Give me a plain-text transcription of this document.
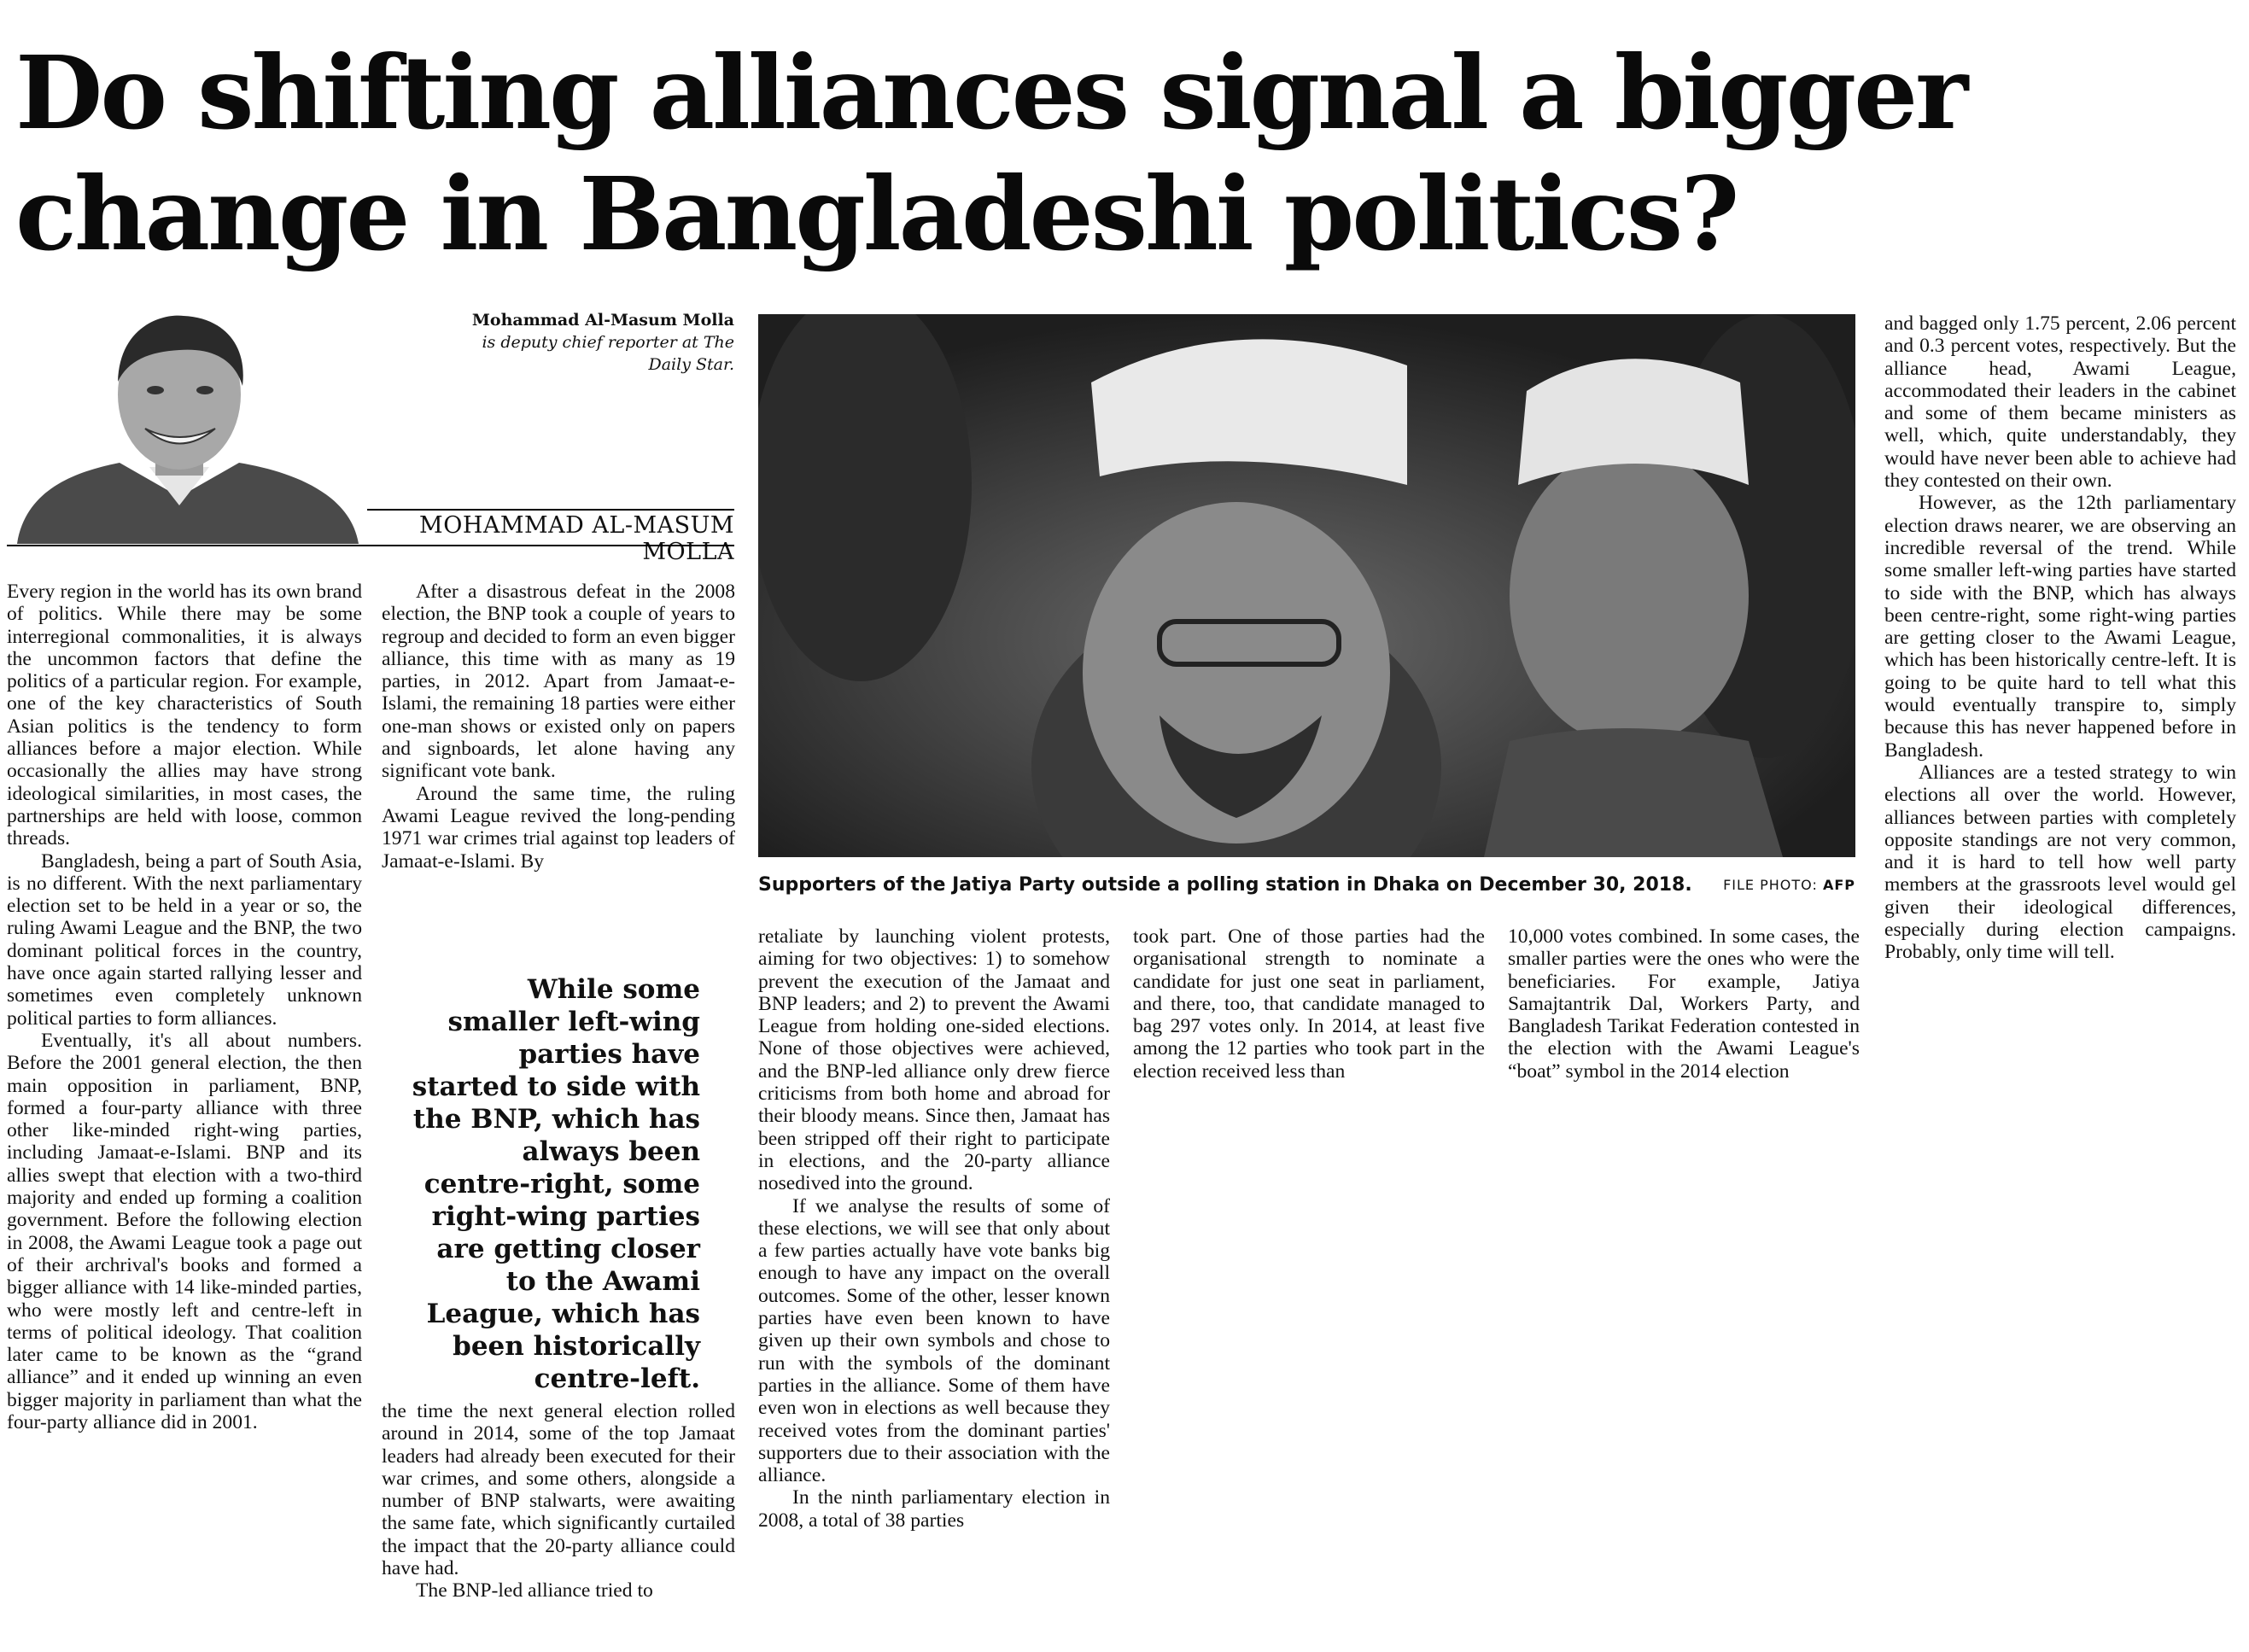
Do shifting alliances signal a bigger
change in Bangladeshi politics?
Mohammad Al-Masum Molla
is deputy chief reporter at The
Daily Star.
MOHAMMAD AL-MASUM MOLLA

Every region in the world has its own brand of politics. While there may be some interregional commonalities, it is always the uncommon factors that define the politics of a particular region. For example, one of the key characteristics of South Asian politics is the tendency to form alliances before a major election. While occasionally the allies may have strong ideological similarities, in most cases, the partnerships are held with loose, common threads.

Bangladesh, being a part of South Asia, is no different. With the next parliamentary election set to be held in a year or so, the ruling Awami League and the BNP, the two dominant political forces in the country, have once again started rallying lesser and sometimes even completely unknown political parties to form alliances.

Eventually, it's all about numbers. Before the 2001 general election, the then main opposition in parliament, BNP, formed a four-party alliance with three other like-minded right-wing parties, including Jamaat-e-Islami. BNP and its allies swept that election with a two-third majority and ended up forming a coalition government. Before the following election in 2008, the Awami League took a page out of their archrival's books and formed a bigger alliance with 14 like-minded parties, who were mostly left and centre-left in terms of political ideology. That coalition later came to be known as the “grand alliance” and it ended up winning an even bigger majority in parliament than what the four-party alliance did in 2001.

After a disastrous defeat in the 2008 election, the BNP took a couple of years to regroup and decided to form an even bigger alliance, this time with as many as 19 parties, in 2012. Apart from Jamaat-e-Islami, the remaining 18 parties were either one-man shows or existed only on papers and signboards, let alone having any significant vote bank.

Around the same time, the ruling Awami League revived the long-pending 1971 war crimes trial against top leaders of Jamaat-e-Islami. By

While some smaller left-wing parties have started to side with the BNP, which has always been centre-right, some right-wing parties are getting closer to the Awami League, which has been historically centre-left.

the time the next general election rolled around in 2014, some of the top Jamaat leaders had already been executed for their war crimes, and some others, alongside a number of BNP stalwarts, were awaiting the same fate, which significantly curtailed the impact that the 20-party alliance could have had.

The BNP-led alliance tried to

Supporters of the Jatiya Party outside a polling station in Dhaka on December 30, 2018. FILE PHOTO: AFP

retaliate by launching violent protests, aiming for two objectives: 1) to somehow prevent the execution of the Jamaat and BNP leaders; and 2) to prevent the Awami League from holding one-sided elections. None of those objectives were achieved, and the BNP-led alliance only drew fierce criticisms from both home and abroad for their bloody means. Since then, Jamaat has been stripped off their right to participate in elections, and the 20-party alliance nosedived into the ground.

If we analyse the results of some of these elections, we will see that only about a few parties actually have vote banks big enough to have any impact on the overall outcomes. Some of the other, lesser known parties have even been known to have given up their own symbols and chose to run with the symbols of the dominant parties in the alliance. Some of them have even won in elections as well because they received votes from the dominant parties' supporters due to their association with the alliance.

In the ninth parliamentary election in 2008, a total of 38 parties

took part. One of those parties had the organisational strength to nominate a candidate for just one seat in parliament, and there, too, that candidate managed to bag 297 votes only. In 2014, at least five among the 12 parties who took part in the election received less than

10,000 votes combined. In some cases, the smaller parties were the ones who were the beneficiaries. For example, Jatiya Samajtantrik Dal, Workers Party, and Bangladesh Tarikat Federation contested in the election with the Awami League's “boat” symbol in the 2014 election

and bagged only 1.75 percent, 2.06 percent and 0.3 percent votes, respectively. But the alliance head, Awami League, accommodated their leaders in the cabinet and some of them became ministers as well, which, quite understandably, they would have never been able to achieve had they contested on their own.

However, as the 12th parliamentary election draws nearer, we are observing an incredible reversal of the trend. While some smaller left-wing parties have started to side with the BNP, which has always been centre-right, some right-wing parties are getting closer to the Awami League, which has been historically centre-left. It is going to be quite hard to tell what this would eventually transpire to, simply because this has never happened before in Bangladesh.

Alliances are a tested strategy to win elections all over the world. However, alliances between parties with completely opposite standings are not very common, and it is hard to tell how well party members at the grassroots level would gel given their ideological differences, especially during election campaigns. Probably, only time will tell.
